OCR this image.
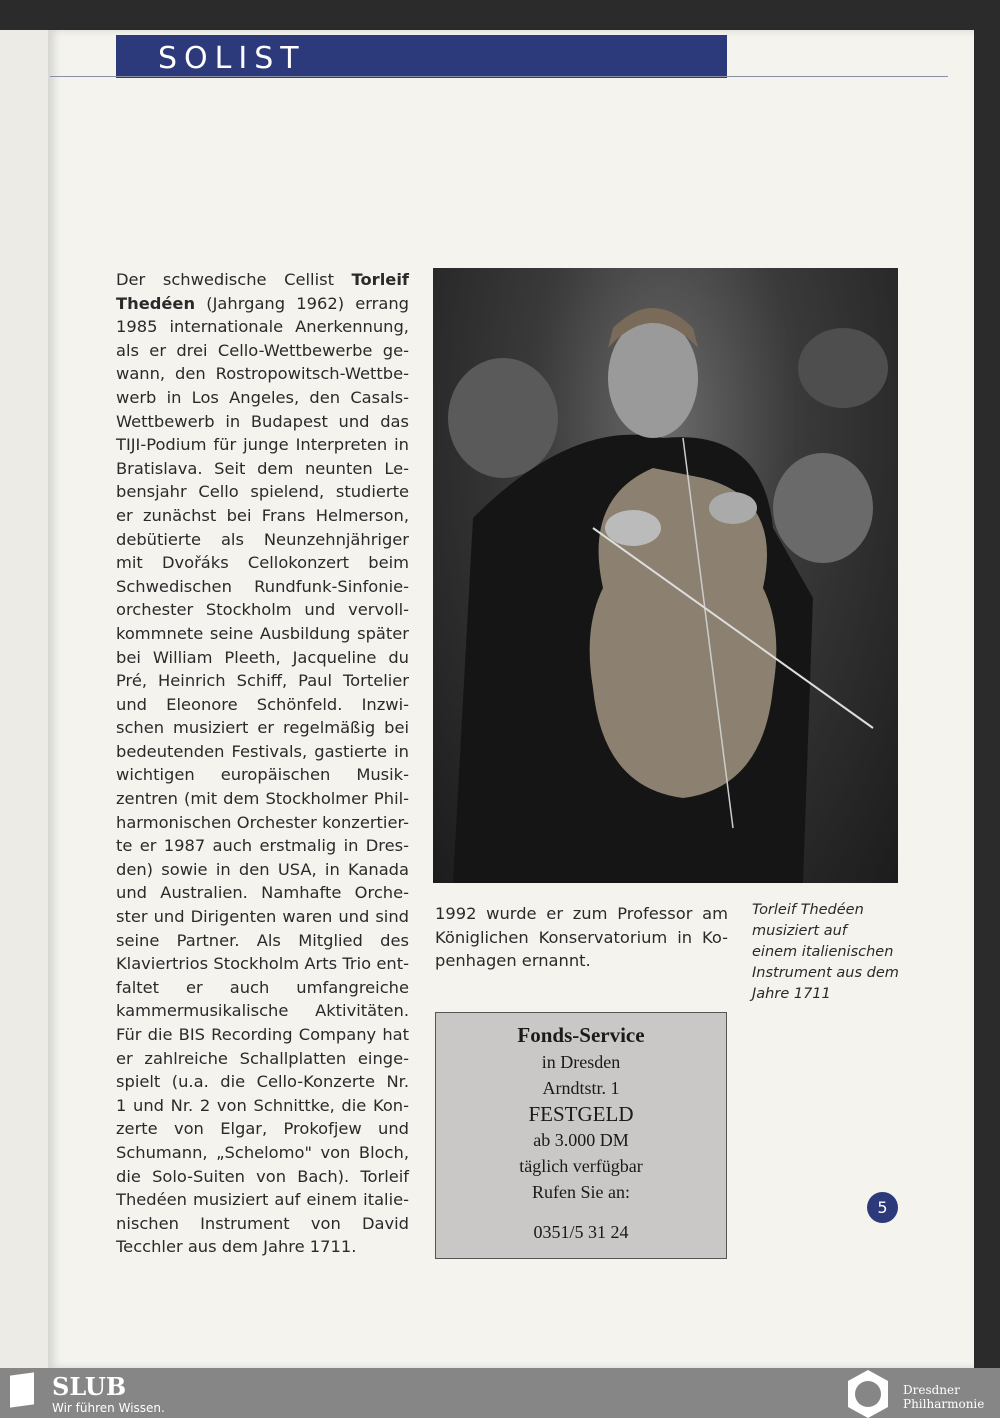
SOLIST
Der schwedische Cellist Torleif
Thedéen (Jahrgang 1962) errang
1985 internationale Anerkennung,
als er drei Cello-Wettbewerbe ge-
wann, den Rostropowitsch-Wettbe-
werb in Los Angeles, den Casals-
Wettbewerb in Budapest und das
TIJI-Podium für junge Interpreten in
Bratislava. Seit dem neunten Le-
bensjahr Cello spielend, studierte
er zunächst bei Frans Helmerson,
debütierte als Neunzehnjähriger
mit Dvořáks Cellokonzert beim
Schwedischen Rundfunk-Sinfonie-
orchester Stockholm und vervoll-
kommnete seine Ausbildung später
bei William Pleeth, Jacqueline du
Pré, Heinrich Schiff, Paul Tortelier
und Eleonore Schönfeld. Inzwi-
schen musiziert er regelmäßig bei
bedeutenden Festivals, gastierte in
wichtigen europäischen Musik-
zentren (mit dem Stockholmer Phil-
harmonischen Orchester konzertier-
te er 1987 auch erstmalig in Dres-
den) sowie in den USA, in Kanada
und Australien. Namhafte Orche-
ster und Dirigenten waren und sind
seine Partner. Als Mitglied des
Klaviertrios Stockholm Arts Trio ent-
faltet er auch umfangreiche
kammermusikalische Aktivitäten.
Für die BIS Recording Company hat
er zahlreiche Schallplatten einge-
spielt (u.a. die Cello-Konzerte Nr.
1 und Nr. 2 von Schnittke, die Kon-
zerte von Elgar, Prokofjew und
Schumann, „Schelomo" von Bloch,
die Solo-Suiten von Bach). Torleif
Thedéen musiziert auf einem italie-
nischen Instrument von David
Tecchler aus dem Jahre 1711.
1992 wurde er zum Professor am
Königlichen Konservatorium in Ko-
penhagen ernannt.
Torleif Thedéen
musiziert auf
einem italienischen
Instrument aus dem
Jahre 1711
Fonds-Service
in Dresden
Arndtstr. 1
FESTGELD
ab 3.000 DM
täglich verfügbar
Rufen Sie an:
0351/5 31 24
5
SLUB
Wir führen Wissen.
Dresdner
Philharmonie
